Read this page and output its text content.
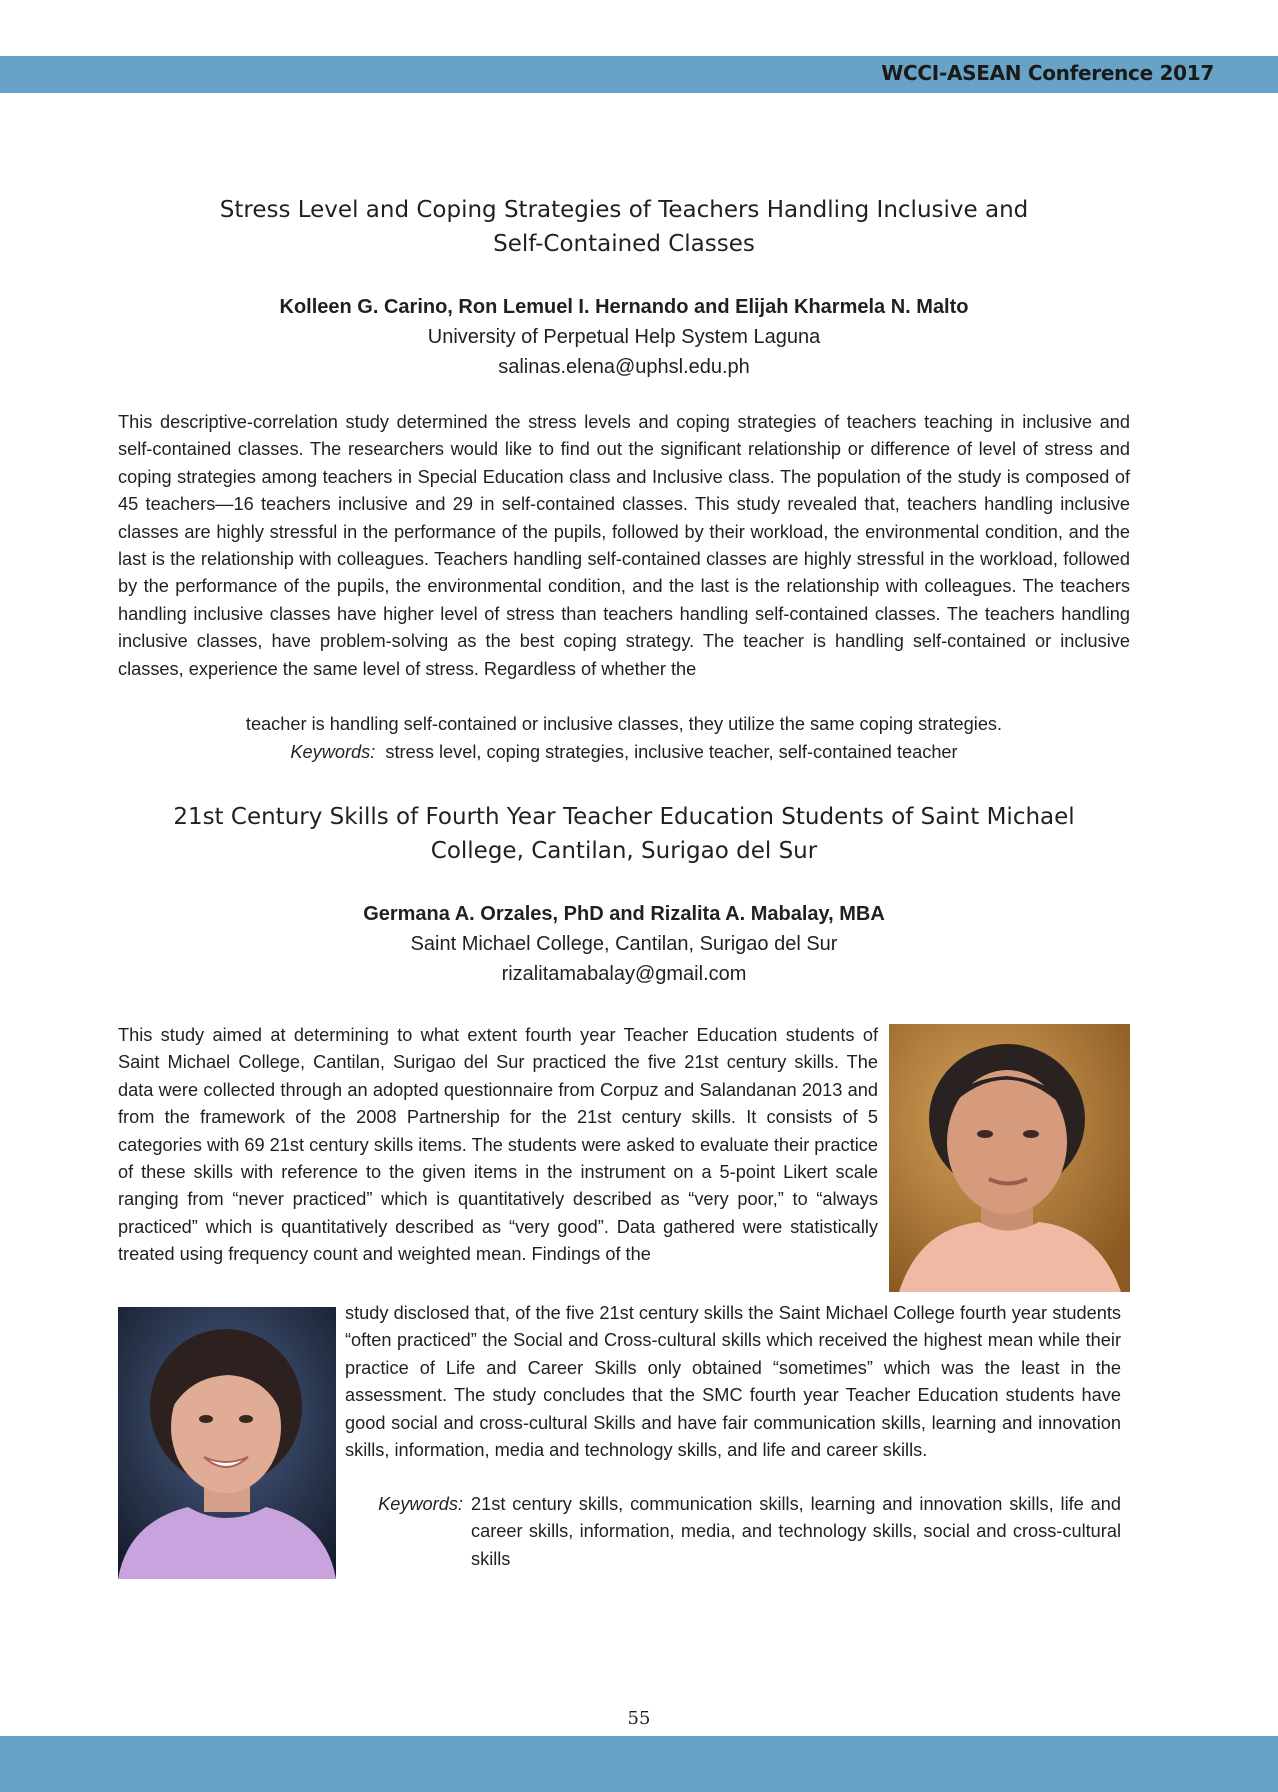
WCCI-ASEAN Conference 2017
Stress Level and Coping Strategies of Teachers Handling Inclusive and
Self-Contained Classes
Kolleen G. Carino, Ron Lemuel I. Hernando and Elijah Kharmela N. Malto
University of Perpetual Help System Laguna
salinas.elena@uphsl.edu.ph

This descriptive-correlation study determined the stress levels and coping strategies of teachers teaching in inclusive and self-contained classes. The researchers would like to find out the significant relationship or difference of level of stress and coping strategies among teachers in Special Education class and Inclusive class. The population of the study is composed of 45 teachers—16 teachers inclusive and 29 in self-contained classes. This study revealed that, teachers handling inclusive classes are highly stressful in the performance of the pupils, followed by their workload, the environmental condition, and the last is the relationship with colleagues. Teachers handling self-contained classes are highly stressful in the workload, followed by the performance of the pupils, the environmental condition, and the last is the relationship with colleagues. The teachers handling inclusive classes have higher level of stress than teachers handling self-contained classes. The teachers handling inclusive classes, have problem-solving as the best coping strategy. The teacher is handling self-contained or inclusive classes, experience the same level of stress. Regardless of whether the

teacher is handling self-contained or inclusive classes, they utilize the same coping strategies.
Keywords: stress level, coping strategies, inclusive teacher, self-contained teacher
21st Century Skills of Fourth Year Teacher Education Students of Saint Michael
College, Cantilan, Surigao del Sur
Germana A. Orzales, PhD and Rizalita A. Mabalay, MBA
Saint Michael College, Cantilan, Surigao del Sur
rizalitamabalay@gmail.com

This study aimed at determining to what extent fourth year Teacher Education students of Saint Michael College, Cantilan, Surigao del Sur practiced the five 21st century skills. The data were collected through an adopted questionnaire from Corpuz and Salandanan 2013 and from the framework of the 2008 Partnership for the 21st century skills. It consists of 5 categories with 69 21st century skills items. The students were asked to evaluate their practice of these skills with reference to the given items in the instrument on a 5-point Likert scale ranging from “never practiced” which is quantitatively described as “very poor,” to “always practiced” which is quantitatively described as “very good”. Data gathered were statistically treated using frequency count and weighted mean. Findings of the

study disclosed that, of the five 21st century skills the Saint Michael College fourth year students “often practiced” the Social and Cross-cultural skills which received the highest mean while their practice of Life and Career Skills only obtained “sometimes” which was the least in the assessment. The study concludes that the SMC fourth year Teacher Education students have good social and cross-cultural Skills and have fair communication skills, learning and innovation skills, information, media and technology skills, and life and career skills.

Keywords: 21st century skills, communication skills, learning and innovation skills, life and career skills, information, media, and technology skills, social and cross-cultural skills
55
